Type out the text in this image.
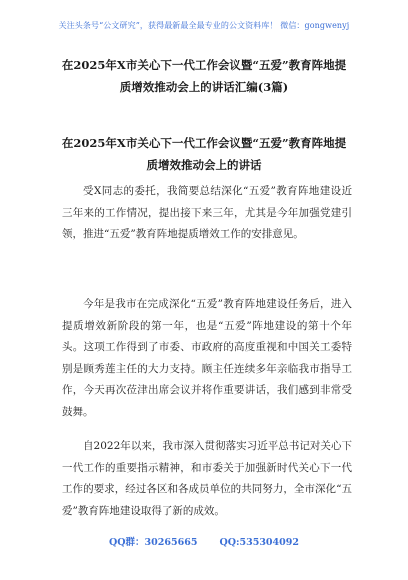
关注头条号“公文研究”，获得最新最全最专业的公文资料库！ 微信：gongwenyj
在2025年X市关心下一代工作会议暨“五爱”教育阵地提
质增效推动会上的讲话汇编(3篇)
在2025年X市关心下一代工作会议暨“五爱”教育阵地提
质增效推动会上的讲话

受X同志的委托，我简要总结深化“五爱”教育阵地建设近三年来的工作情况，提出接下来三年，尤其是今年加强党建引领，推进“五爱”教育阵地提质增效工作的安排意见。

今年是我市在完成深化“五爱”教育阵地建设任务后，进入提质增效新阶段的第一年，也是“五爱”阵地建设的第十个年头。这项工作得到了市委、市政府的高度重视和中国关工委特别是顾秀莲主任的大力支持。顾主任连续多年亲临我市指导工作，今天再次莅津出席会议并将作重要讲话，我们感到非常受鼓舞。

自2022年以来，我市深入贯彻落实习近平总书记对关心下一代工作的重要指示精神，和市委关于加强新时代关心下一代工作的要求，经过各区和各成员单位的共同努力，全市深化“五爱”教育阵地建设取得了新的成效。

QQ群：30265665 QQ:535304092
